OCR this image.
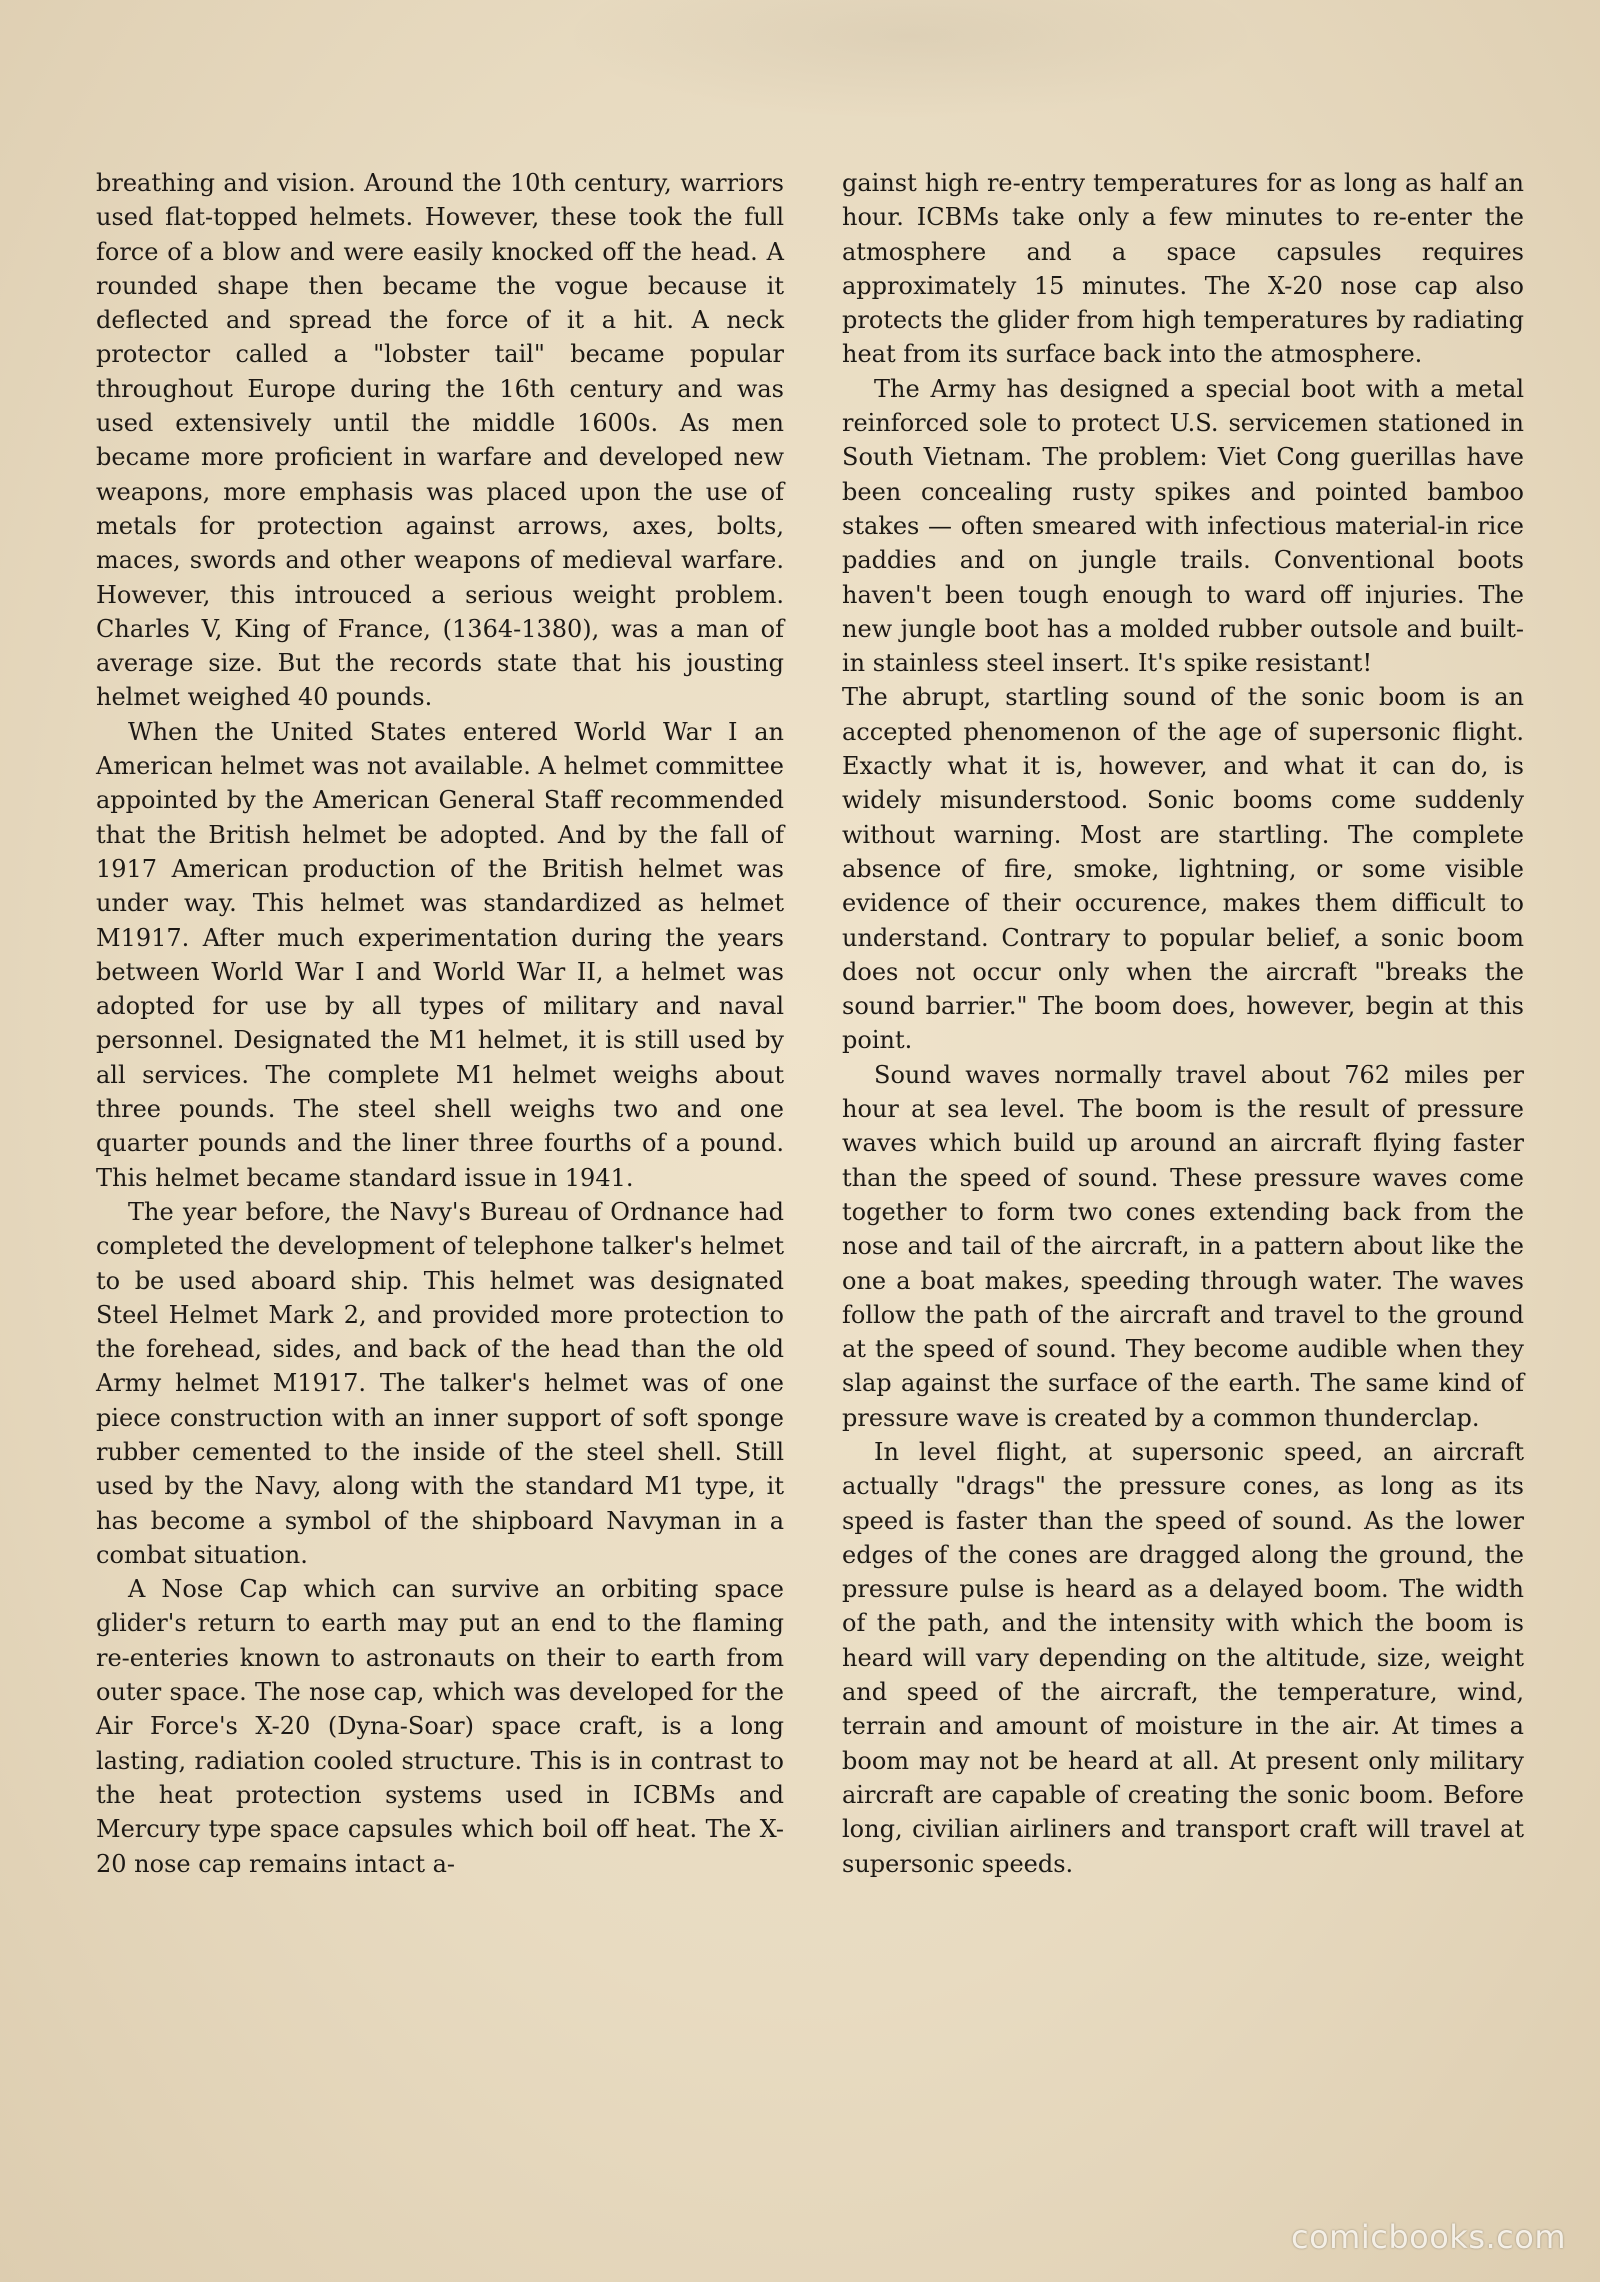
breathing and vision. Around the 10th century, warriors used flat-topped helmets. However, these took the full force of a blow and were easily knocked off the head. A rounded shape then became the vogue because it deflected and spread the force of it a hit. A neck protector called a "lobster tail" became popular throughout Europe during the 16th century and was used extensively until the middle 1600s. As men became more proficient in warfare and developed new weapons, more emphasis was placed upon the use of metals for protection against arrows, axes, bolts, maces, swords and other weapons of medieval warfare. However, this introuced a serious weight problem. Charles V, King of France, (1364-1380), was a man of average size. But the records state that his jousting helmet weighed 40 pounds.

When the United States entered World War I an American helmet was not available. A helmet committee appointed by the American General Staff recommended that the British helmet be adopted. And by the fall of 1917 American production of the British helmet was under way. This helmet was standardized as helmet M1917. After much experimentation during the years between World War I and World War II, a helmet was adopted for use by all types of military and naval personnel. Designated the M1 helmet, it is still used by all services. The complete M1 helmet weighs about three pounds. The steel shell weighs two and one quarter pounds and the liner three fourths of a pound. This helmet became standard issue in 1941.

The year before, the Navy's Bureau of Ordnance had completed the development of telephone talker's helmet to be used aboard ship. This helmet was designated Steel Helmet Mark 2, and provided more protection to the forehead, sides, and back of the head than the old Army helmet M1917. The talker's helmet was of one piece construction with an inner support of soft sponge rubber cemented to the inside of the steel shell. Still used by the Navy, along with the standard M1 type, it has become a symbol of the shipboard Navyman in a combat situation.

A Nose Cap which can survive an orbiting space glider's return to earth may put an end to the flaming re-enteries known to astronauts on their to earth from outer space. The nose cap, which was developed for the Air Force's X-20 (Dyna-Soar) space craft, is a long lasting, radiation cooled structure. This is in contrast to the heat protection systems used in ICBMs and Mercury type space capsules which boil off heat. The X-20 nose cap remains intact a-

gainst high re-entry temperatures for as long as half an hour. ICBMs take only a few minutes to re-enter the atmosphere and a space capsules requires approximately 15 minutes. The X-20 nose cap also protects the glider from high temperatures by radiating heat from its surface back into the atmosphere.

The Army has designed a special boot with a metal reinforced sole to protect U.S. servicemen stationed in South Vietnam. The problem: Viet Cong guerillas have been concealing rusty spikes and pointed bamboo stakes — often smeared with infectious material-in rice paddies and on jungle trails. Conventional boots haven't been tough enough to ward off injuries. The new jungle boot has a molded rubber outsole and built-in stainless steel insert. It's spike resistant!

The abrupt, startling sound of the sonic boom is an accepted phenomenon of the age of supersonic flight. Exactly what it is, however, and what it can do, is widely misunderstood. Sonic booms come suddenly without warning. Most are startling. The complete absence of fire, smoke, lightning, or some visible evidence of their occurence, makes them difficult to understand. Contrary to popular belief, a sonic boom does not occur only when the aircraft "breaks the sound barrier." The boom does, however, begin at this point.

Sound waves normally travel about 762 miles per hour at sea level. The boom is the result of pressure waves which build up around an aircraft flying faster than the speed of sound. These pressure waves come together to form two cones extending back from the nose and tail of the aircraft, in a pattern about like the one a boat makes, speeding through water. The waves follow the path of the aircraft and travel to the ground at the speed of sound. They become audible when they slap against the surface of the earth. The same kind of pressure wave is created by a common thunderclap.

In level flight, at supersonic speed, an aircraft actually "drags" the pressure cones, as long as its speed is faster than the speed of sound. As the lower edges of the cones are dragged along the ground, the pressure pulse is heard as a delayed boom. The width of the path, and the intensity with which the boom is heard will vary depending on the altitude, size, weight and speed of the aircraft, the temperature, wind, terrain and amount of moisture in the air. At times a boom may not be heard at all. At present only military aircraft are capable of creating the sonic boom. Before long, civilian airliners and transport craft will travel at supersonic speeds.

comicbooks.com
